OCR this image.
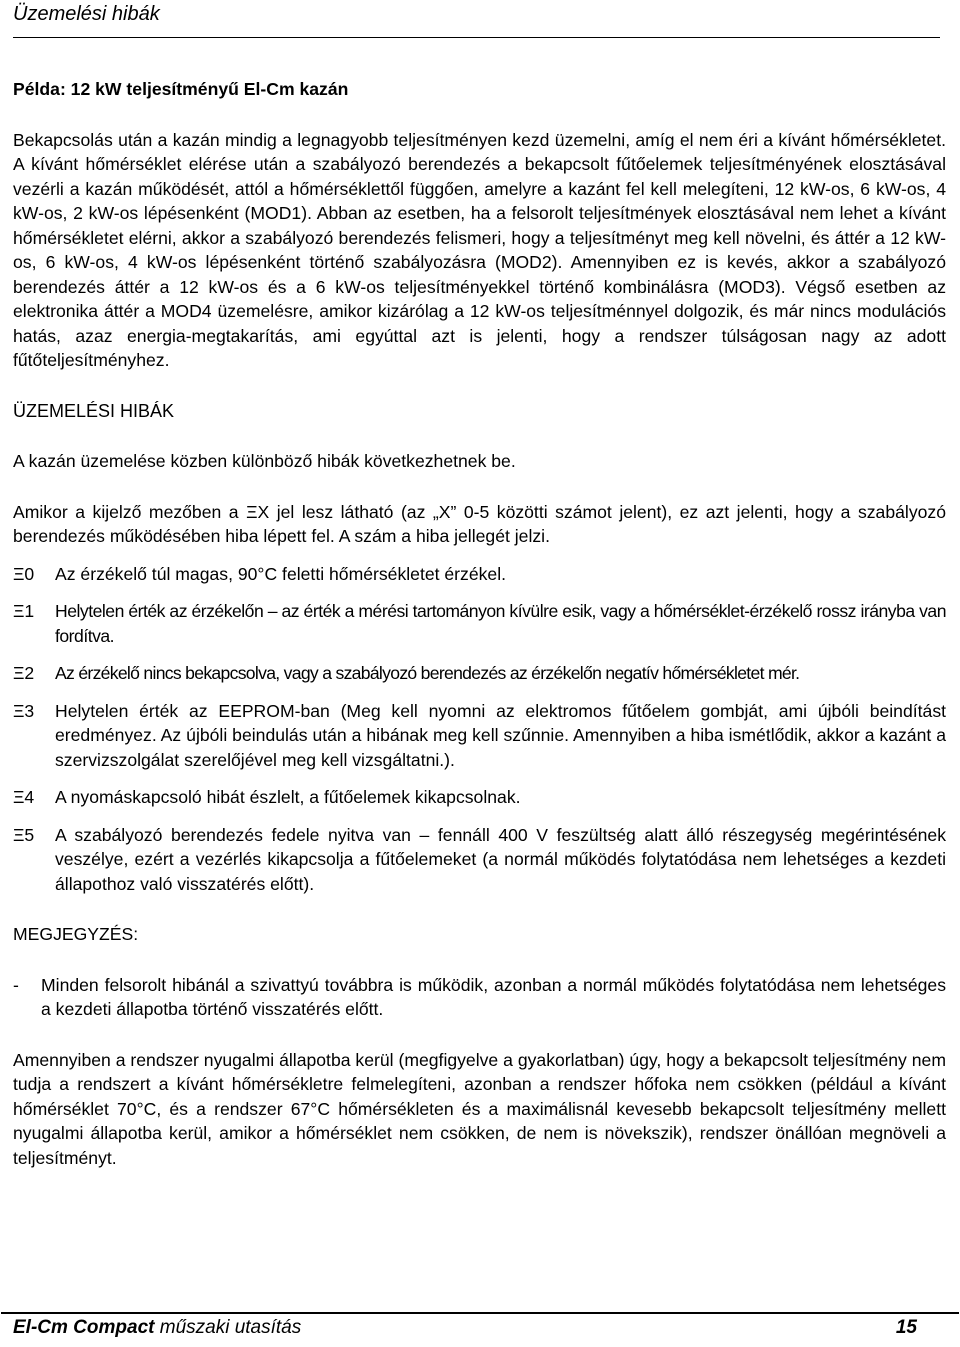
Üzemelési hibák

Példa: 12 kW teljesítményű El-Cm kazán

Bekapcsolás után a kazán mindig a legnagyobb teljesítményen kezd üzemelni, amíg el nem éri a kívánt hőmérsékletet. A kívánt hőmérséklet elérése után a szabályozó berendezés a bekapcsolt fűtőelemek teljesítményének elosztásával vezérli a kazán működését, attól a hőmérséklettől függően, amelyre a kazánt fel kell melegíteni, 12 kW-os, 6 kW-os, 4 kW-os, 2 kW-os lépésenként (MOD1). Abban az esetben, ha a felsorolt teljesítmények elosztásával nem lehet a kívánt hőmérsékletet elérni, akkor a szabályozó berendezés felismeri, hogy a teljesítményt meg kell növelni, és áttér a 12 kW-os, 6 kW-os, 4 kW-os lépésenként történő szabályozásra (MOD2). Amennyiben ez is kevés, akkor a szabályozó berendezés áttér a 12 kW-os és a 6 kW-os teljesítményekkel történő kombinálásra (MOD3). Végső esetben az elektronika áttér a MOD4 üzemelésre, amikor kizárólag a 12 kW-os teljesítménnyel dolgozik, és már nincs modulációs hatás, azaz energia-megtakarítás, ami egyúttal azt is jelenti, hogy a rendszer túlságosan nagy az adott fűtőteljesítményhez.

ÜZEMELÉSI HIBÁK

A kazán üzemelése közben különböző hibák következhetnek be.

Amikor a kijelző mezőben a ΞX jel lesz látható (az „X” 0-5 közötti számot jelent), ez azt jelenti, hogy a szabályozó berendezés működésében hiba lépett fel. A szám a hiba jellegét jelzi.

Ξ0	Az érzékelő túl magas, 90°C feletti hőmérsékletet érzékel.
Ξ1	Helytelen érték az érzékelőn – az érték a mérési tartományon kívülre esik, vagy a hőmérséklet-érzékelő rossz irányba van fordítva.
Ξ2	Az érzékelő nincs bekapcsolva, vagy a szabályozó berendezés az érzékelőn negatív hőmérsékletet mér.
Ξ3	Helytelen érték az EEPROM-ban (Meg kell nyomni az elektromos fűtőelem gombját, ami újbóli beindítást eredményez. Az újbóli beindulás után a hibának meg kell szűnnie. Amennyiben a hiba ismétlődik, akkor a kazánt a szervizszolgálat szerelőjével meg kell vizsgáltatni.).
Ξ4	A nyomáskapcsoló hibát észlelt, a fűtőelemek kikapcsolnak.
Ξ5	A szabályozó berendezés fedele nyitva van – fennáll 400 V feszültség alatt álló részegység megérintésének veszélye, ezért a vezérlés kikapcsolja a fűtőelemeket (a normál működés folytatódása nem lehetséges a kezdeti állapothoz való visszatérés előtt).

MEGJEGYZÉS:

-	Minden felsorolt hibánál a szivattyú továbbra is működik, azonban a normál működés folytatódása nem lehetséges a kezdeti állapotba történő visszatérés előtt.

Amennyiben a rendszer nyugalmi állapotba kerül (megfigyelve a gyakorlatban) úgy, hogy a bekapcsolt teljesítmény nem tudja a rendszert a kívánt hőmérsékletre felmelegíteni, azonban a rendszer hőfoka nem csökken (például a kívánt hőmérséklet 70°C, és a rendszer 67°C hőmérsékleten és a maximálisnál kevesebb bekapcsolt teljesítmény mellett nyugalmi állapotba kerül, amikor a hőmérséklet nem csökken, de nem is növekszik), rendszer önállóan megnöveli a teljesítményt.

El-Cm Compact műszaki utasítás	15
